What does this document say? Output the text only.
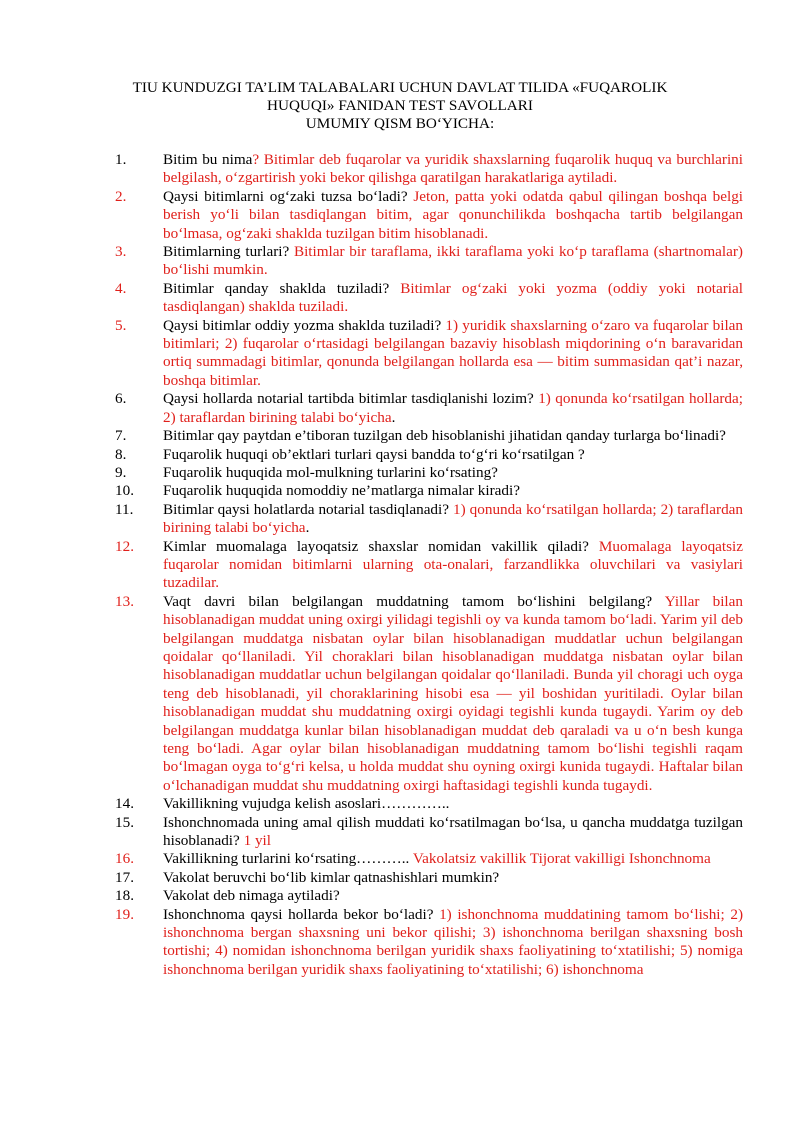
TIU KUNDUZGI TA’LIM TALABALARI UCHUN DAVLAT TILIDA «FUQAROLIK
HUQUQI» FANIDAN TEST SAVOLLARI
UMUMIY QISM BO‘YICHA:
1.	Bitim bu nima? Bitimlar deb fuqarolar va yuridik shaxslarning fuqarolik huquq va burchlarini belgilash, o‘zgartirish yoki bekor qilishga qaratilgan harakatlariga aytiladi.
2.	Qaysi bitimlarni og‘zaki tuzsa bo‘ladi? Jeton, patta yoki odatda qabul qilingan boshqa belgi berish yo‘li bilan tasdiqlangan bitim, agar qonunchilikda boshqacha tartib belgilangan bo‘lmasa, og‘zaki shaklda tuzilgan bitim hisoblanadi.
3.	Bitimlarning turlari? Bitimlar bir taraflama, ikki taraflama yoki ko‘p taraflama (shartnomalar) bo‘lishi mumkin.
4.	Bitimlar qanday shaklda tuziladi? Bitimlar og‘zaki yoki yozma (oddiy yoki notarial tasdiqlangan) shaklda tuziladi.
5.	Qaysi bitimlar oddiy yozma shaklda tuziladi? 1) yuridik shaxslarning o‘zaro va fuqarolar bilan bitimlari; 2) fuqarolar o‘rtasidagi belgilangan bazaviy hisoblash miqdorining o‘n baravaridan ortiq summadagi bitimlar, qonunda belgilangan hollarda esa — bitim summasidan qat’i nazar, boshqa bitimlar.
6.	Qaysi hollarda notarial tartibda bitimlar tasdiqlanishi lozim? 1) qonunda ko‘rsatilgan hollarda; 2) taraflardan birining talabi bo‘yicha.
7.	Bitimlar qay paytdan e’tiboran tuzilgan deb hisoblanishi jihatidan qanday turlarga bo‘linadi?
8.	Fuqarolik huquqi ob’ektlari turlari qaysi bandda to‘g‘ri ko‘rsatilgan ?
9.	Fuqarolik huquqida mol-mulkning turlarini ko‘rsating?
10.	Fuqarolik huquqida nomoddiy ne’matlarga nimalar kiradi?
11.	Bitimlar qaysi holatlarda notarial tasdiqlanadi? 1) qonunda ko‘rsatilgan hollarda; 2) taraflardan birining talabi bo‘yicha.
12.	Kimlar muomalaga layoqatsiz shaxslar nomidan vakillik qiladi? Muomalaga layoqatsiz fuqarolar nomidan bitimlarni ularning ota-onalari, farzandlikka oluvchilari va vasiylari tuzadilar.
13.	Vaqt davri bilan belgilangan muddatning tamom bo‘lishini belgilang? Yillar bilan hisoblanadigan muddat uning oxirgi yilidagi tegishli oy va kunda tamom bo‘ladi. Yarim yil deb belgilangan muddatga nisbatan oylar bilan hisoblanadigan muddatlar uchun belgilangan qoidalar qo‘llaniladi. Yil choraklari bilan hisoblanadigan muddatga nisbatan oylar bilan hisoblanadigan muddatlar uchun belgilangan qoidalar qo‘llaniladi. Bunda yil choragi uch oyga teng deb hisoblanadi, yil choraklarining hisobi esa — yil boshidan yuritiladi. Oylar bilan hisoblanadigan muddat shu muddatning oxirgi oyidagi tegishli kunda tugaydi. Yarim oy deb belgilangan muddatga kunlar bilan hisoblanadigan muddat deb qaraladi va u o‘n besh kunga teng bo‘ladi. Agar oylar bilan hisoblanadigan muddatning tamom bo‘lishi tegishli raqam bo‘lmagan oyga to‘g‘ri kelsa, u holda muddat shu oyning oxirgi kunida tugaydi. Haftalar bilan o‘lchanadigan muddat shu muddatning oxirgi haftasidagi tegishli kunda tugaydi.
14.	Vakillikning vujudga kelish asoslari…………..
15.	Ishonchnomada uning amal qilish muddati ko‘rsatilmagan bo‘lsa, u qancha muddatga tuzilgan hisoblanadi? 1 yil
16.	Vakillikning turlarini ko‘rsating……….. Vakolatsiz vakillik Tijorat vakilligi Ishonchnoma
17.	Vakolat beruvchi bo‘lib kimlar qatnashishlari mumkin?
18.	Vakolat deb nimaga aytiladi?
19.	Ishonchnoma qaysi hollarda bekor bo‘ladi? 1) ishonchnoma muddatining tamom bo‘lishi; 2) ishonchnoma bergan shaxsning uni bekor qilishi; 3) ishonchnoma berilgan shaxsning bosh tortishi; 4) nomidan ishonchnoma berilgan yuridik shaxs faoliyatining to‘xtatilishi; 5) nomiga ishonchnoma berilgan yuridik shaxs faoliyatining to‘xtatilishi; 6) ishonchnoma
